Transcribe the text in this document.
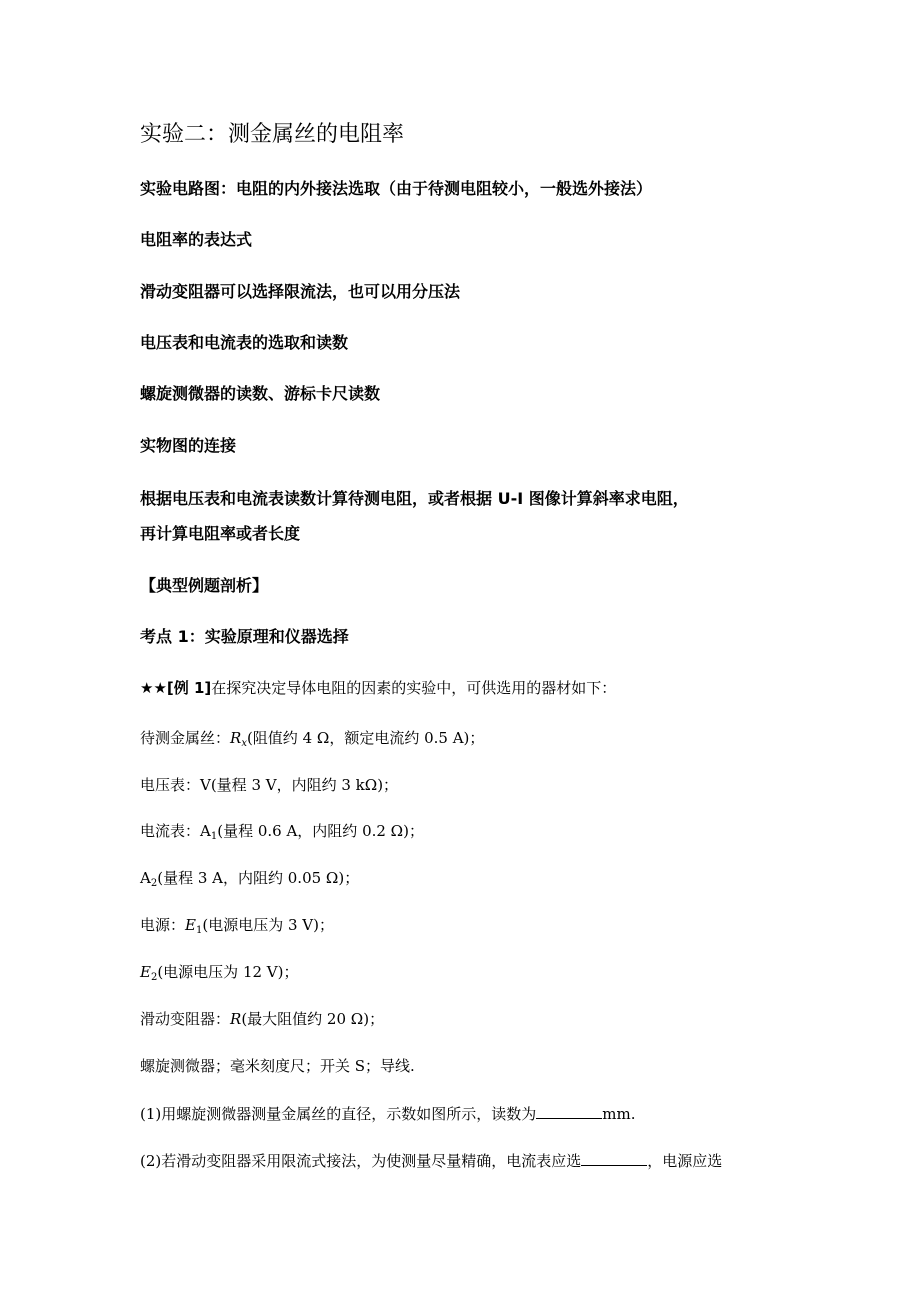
实验二：测金属丝的电阻率
实验电路图：电阻的内外接法选取（由于待测电阻较小，一般选外接法）
电阻率的表达式
滑动变阻器可以选择限流法，也可以用分压法
电压表和电流表的选取和读数
螺旋测微器的读数、游标卡尺读数
实物图的连接
根据电压表和电流表读数计算待测电阻，或者根据 U-I 图像计算斜率求电阻，
再计算电阻率或者长度
【典型例题剖析】
考点 1：实验原理和仪器选择
★★[例 1]在探究决定导体电阻的因素的实验中，可供选用的器材如下：
待测金属丝：$R_x$(阻值约 4 Ω，额定电流约 0.5 A)；
电压表：V(量程 3 V，内阻约 3 kΩ)；
电流表：$A_1$(量程 0.6 A，内阻约 0.2 Ω)；
$A_2$(量程 3 A，内阻约 0.05 Ω)；
电源：$E_1$(电源电压为 3 V)；
$E_2$(电源电压为 12 V)；
滑动变阻器：R(最大阻值约 20 Ω)；
螺旋测微器；毫米刻度尺；开关 S；导线.
(1)用螺旋测微器测量金属丝的直径，示数如图所示，读数为	mm.
(2)若滑动变阻器采用限流式接法，为使测量尽量精确，电流表应选	，电源应选
